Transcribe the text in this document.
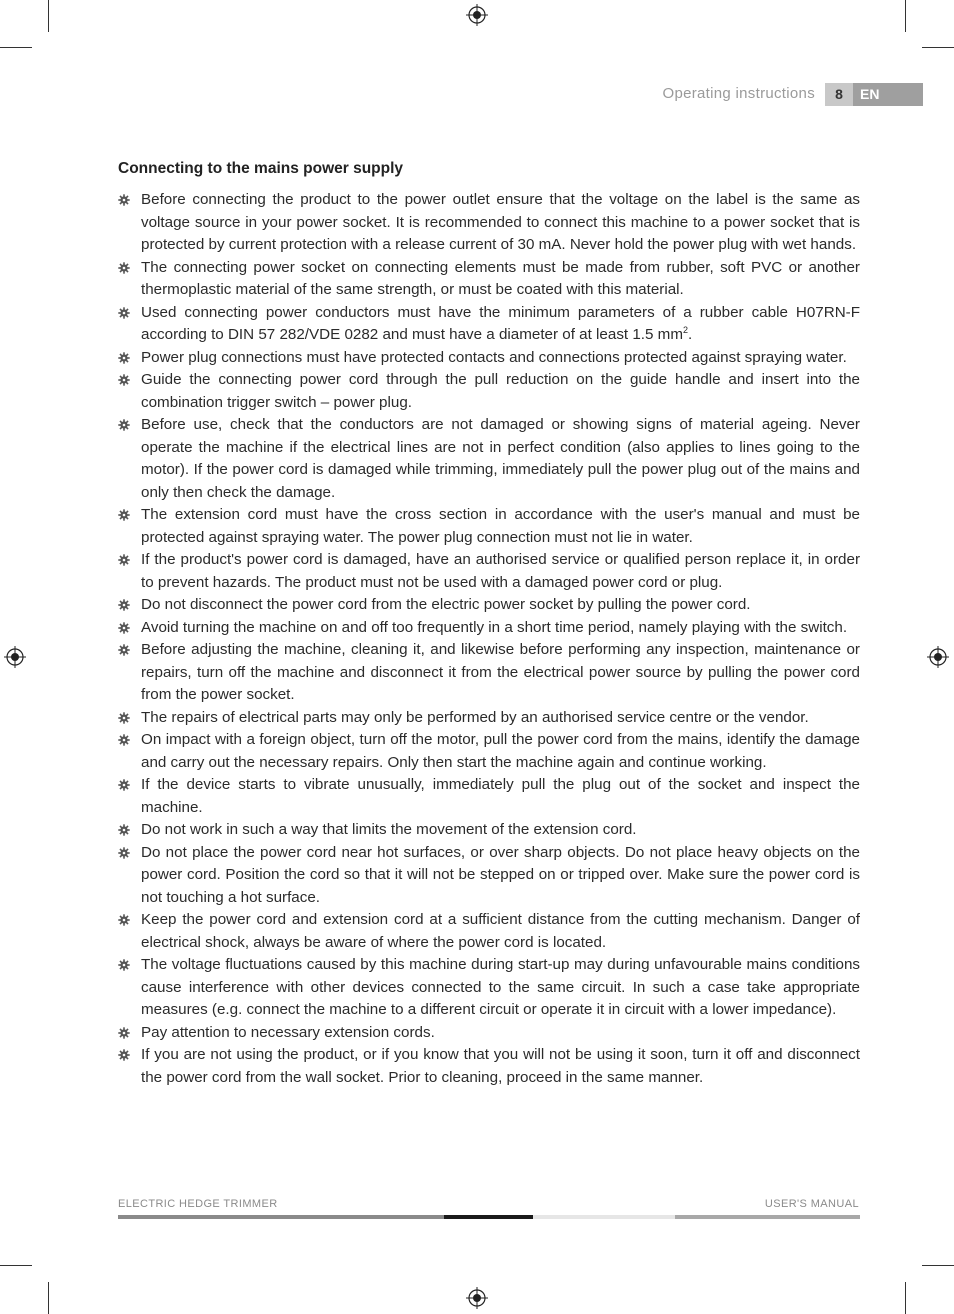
Operating instructions	8	EN
Connecting to the mains power supply
Before connecting the product to the power outlet ensure that the voltage on the label is the same as voltage source in your power socket. It is recommended to connect this machine to a power socket that is protected by current protection with a release current of 30 mA. Never hold the power plug with wet hands.
The connecting power socket on connecting elements must be made from rubber, soft PVC or another thermoplastic material of the same strength, or must be coated with this material.
Used connecting power conductors must have the minimum parameters of a rubber cable H07RN-F according to DIN 57 282/VDE 0282 and must have a diameter of at least 1.5 $mm^2$.
Power plug connections must have protected contacts and connections protected against spraying water.
Guide the connecting power cord through the pull reduction on the guide handle and insert into the combination trigger switch – power plug.
Before use, check that the conductors are not damaged or showing signs of material ageing. Never operate the machine if the electrical lines are not in perfect condition (also applies to lines going to the motor). If the power cord is damaged while trimming, immediately pull the power plug out of the mains and only then check the damage.
The extension cord must have the cross section in accordance with the user's manual and must be protected against spraying water. The power plug connection must not lie in water.
If the product's power cord is damaged, have an authorised service or qualified person replace it, in order to prevent hazards. The product must not be used with a damaged power cord or plug.
Do not disconnect the power cord from the electric power socket by pulling the power cord.
Avoid turning the machine on and off too frequently in a short time period, namely playing with the switch.
Before adjusting the machine, cleaning it, and likewise before performing any inspection, maintenance or repairs, turn off the machine and disconnect it from the electrical power source by pulling the power cord from the power socket.
The repairs of electrical parts may only be performed by an authorised service centre or the vendor.
On impact with a foreign object, turn off the motor, pull the power cord from the mains, identify the damage and carry out the necessary repairs. Only then start the machine again and continue working.
If the device starts to vibrate unusually, immediately pull the plug out of the socket and inspect the machine.
Do not work in such a way that limits the movement of the extension cord.
Do not place the power cord near hot surfaces, or over sharp objects. Do not place heavy objects on the power cord. Position the cord so that it will not be stepped on or tripped over. Make sure the power cord is not touching a hot surface.
Keep the power cord and extension cord at a sufficient distance from the cutting mechanism. Danger of electrical shock, always be aware of where the power cord is located.
The voltage fluctuations caused by this machine during start-up may during unfavourable mains conditions cause interference with other devices connected to the same circuit. In such a case take appropriate measures (e.g. connect the machine to a different circuit or operate it in circuit with a lower impedance).
Pay attention to necessary extension cords.
If you are not using the product, or if you know that you will not be using it soon, turn it off and disconnect the power cord from the wall socket. Prior to cleaning, proceed in the same manner.
ELECTRIC HEDGE TRIMMER	USER'S MANUAL
